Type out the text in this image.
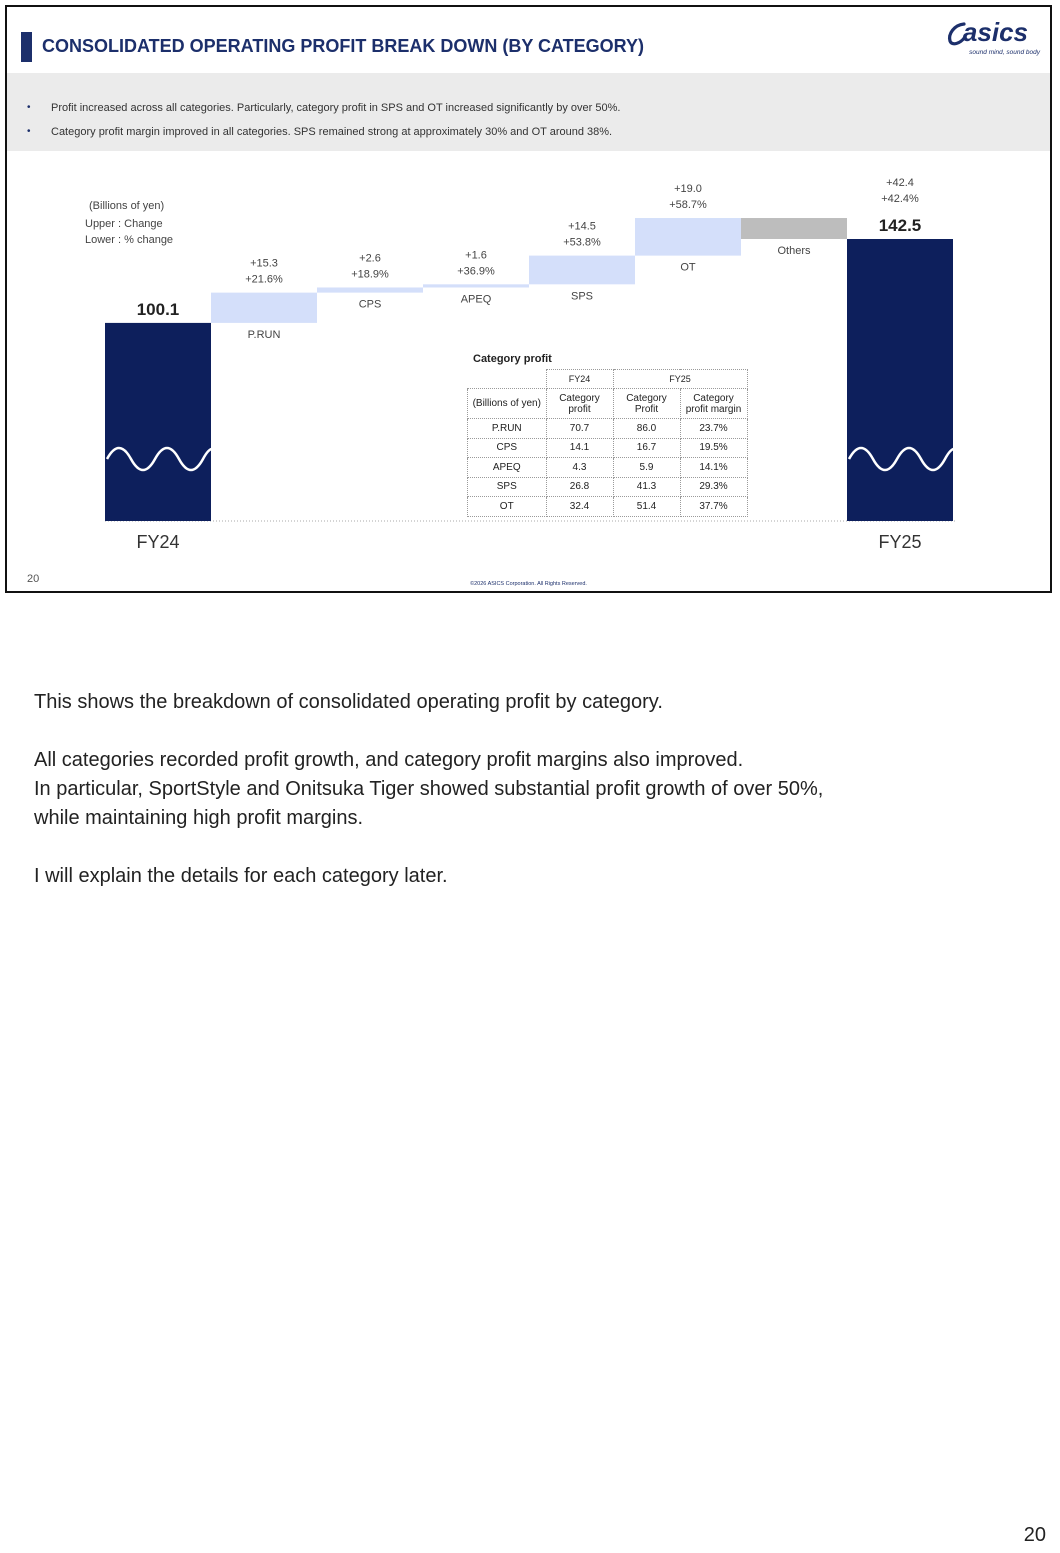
CONSOLIDATED OPERATING PROFIT BREAK DOWN (BY CATEGORY)	asics
sound mind, sound body
• Profit increased across all categories. Particularly, category profit in SPS and OT increased significantly by over 50%.
• Category profit margin improved in all categories. SPS remained strong at approximately 30% and OT around 38%.
(Billions of yen)
Upper : Change
Lower : % change
100.1
FY24
+15.3
+21.6%
P.RUN
+2.6
+18.9%
CPS
+1.6
+36.9%
APEQ
+14.5
+53.8%
SPS
+19.0
+58.7%
OT
Others
142.5
FY25
+42.4
+42.4%
Category profit
	FY24	FY25	
(Billions of yen)	Category profit	Category Profit	Category profit margin
P.RUN	70.7	86.0	23.7%
CPS	14.1	16.7	19.5%
APEQ	4.3	5.9	14.1%
SPS	26.8	41.3	29.3%
OT	32.4	51.4	37.7%
20	©2026 ASICS Corporation. All Rights Reserved.

This shows the breakdown of consolidated operating profit by category.

All categories recorded profit growth, and category profit margins also improved.

In particular, SportStyle and Onitsuka Tiger showed substantial profit growth of over 50%,

while maintaining high profit margins.

I will explain the details for each category later.

20
